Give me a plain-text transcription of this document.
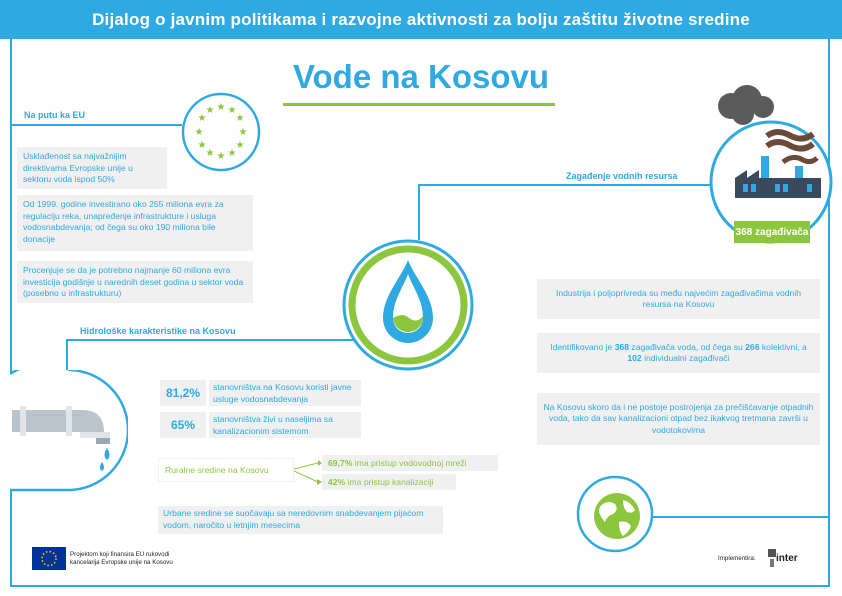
Dijalog o javnim politikama i razvojne aktivnosti za bolju zaštitu životne sredine
Vode na Kosovu
Na putu ka EU
★ ★
★
★
★
★
★
★
★
★
★
★
Usklađenost sa najvažnijim direktivama Evropske unije u sektoru voda ispod 50%
Od 1999. godine investirano oko 255 miliona evra za regulaciju reka, unapređenje infrastrukture i usluga vodosnabdevanja; od čega su oko 190 miliona bile donacije
Procenjuje se da je potrebno najmanje 60 miliona evra investicija godišnje u narednih deset godina u sektor voda (posebno u infrastrukturu)
Hidrološke karakteristike na Kosovu
81,2%	stanovništva na Kosovu koristi javne usluge vodosnabdevanja
65%	stanovništva živi u naseljima sa kanalizacionim sistemom
Ruralne sredine na Kosovu
69,7%
ima pristup vodovodnoj mreži
42%
ima pristup kanalizaciji
Urbane sredine se suočavaju sa neredovnim snabdevanjem pijaćom vodom, naročito u letnjim mesecima
Zagađenje vodnih resursa
368 zagađivača
Industrija i poljoprivreda su među najvećim zagađivačima vodnih resursa na Kosovu
Identifikovano je 368 zagađivača voda, od čega su 266 kolektivni, a 102 individualni zagađivači
Na Kosovu skoro da i ne postoje postrojenja za prečišćavanje otpadnih voda, tako da sav kanalizacioni otpad bez ikakvog tretmana završi u vodotokovima
Projektom koji finansira EU rukovodi kancelarija Evropske unije na Kosovu
Implementira: inter
